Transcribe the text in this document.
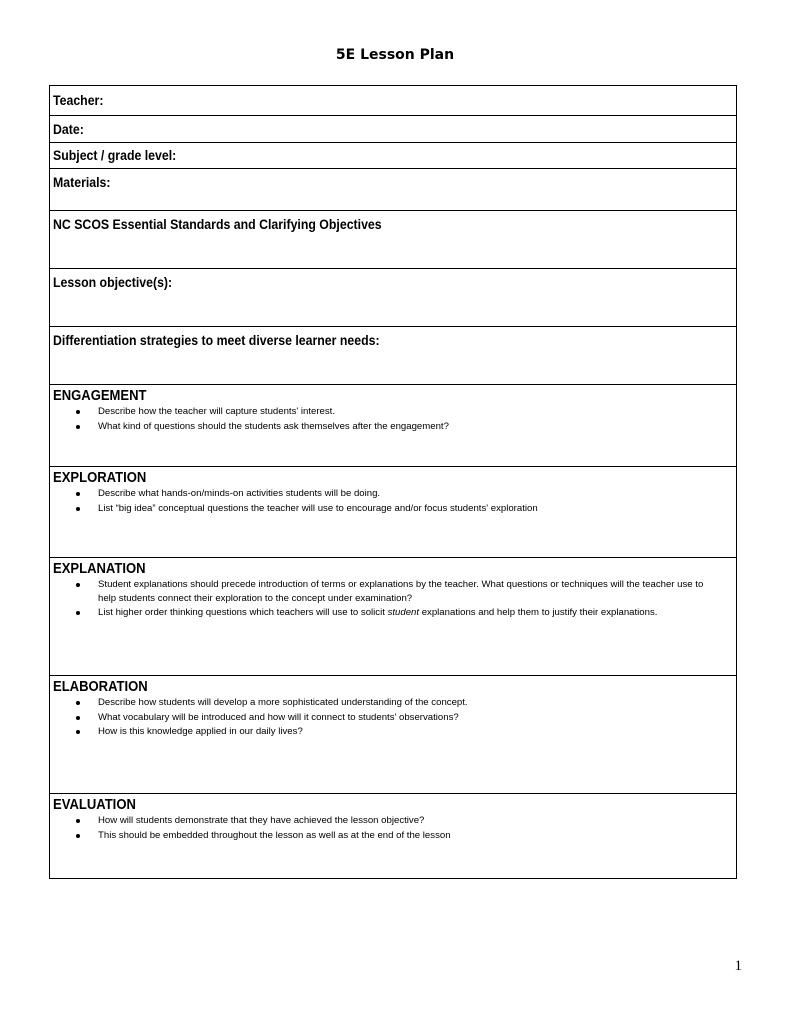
5E Lesson Plan
Teacher:
Date:
Subject / grade level:
Materials:
NC SCOS Essential Standards and Clarifying Objectives
Lesson objective(s):
Differentiation strategies to meet diverse learner needs:
ENGAGEMENT
Describe how the teacher will capture students' interest.
What kind of questions should the students ask themselves after the engagement?
EXPLORATION
Describe what hands-on/minds-on activities students will be doing.
List “big idea” conceptual questions the teacher will use to encourage and/or focus students' exploration
EXPLANATION
Student explanations should precede introduction of terms or explanations by the teacher. What questions or techniques will the teacher use to help students connect their exploration to the concept under examination?
List higher order thinking questions which teachers will use to solicit student explanations and help them to justify their explanations.
ELABORATION
Describe how students will develop a more sophisticated understanding of the concept.
What vocabulary will be introduced and how will it connect to students' observations?
How is this knowledge applied in our daily lives?
EVALUATION
How will students demonstrate that they have achieved the lesson objective?
This should be embedded throughout the lesson as well as at the end of the lesson
1
